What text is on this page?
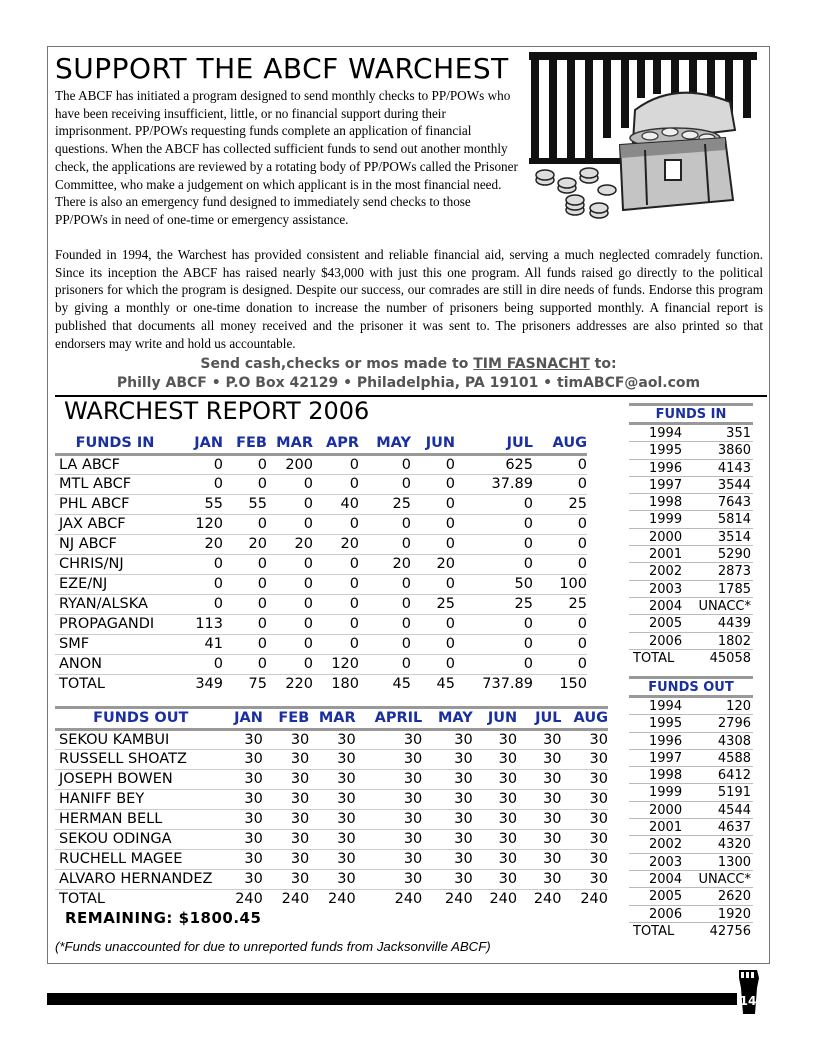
SUPPORT THE ABCF WARCHEST
The ABCF has initiated a program designed to send monthly checks to PP/POWs who have been receiving insufficient, little, or no financial support during their imprisonment. PP/POWs requesting funds complete an application of financial questions. When the ABCF has collected sufficient funds to send out another monthly check, the applications are reviewed by a rotating body of PP/POWs called the Prisoner Committee, who make a judgement on which applicant is in the most financial need. There is also an emergency fund designed to immediately send checks to those PP/POWs in need of one-time or emergency assistance.
Founded in 1994, the Warchest has provided consistent and reliable financial aid, serving a much neglected comradely function. Since its inception the ABCF has raised nearly $43,000 with just this one program. All funds raised go directly to the political prisoners for which the program is designed. Despite our success, our comrades are still in dire needs of funds. Endorse this program by giving a monthly or one-time donation to increase the number of prisoners being supported monthly. A financial report is published that documents all money received and the prisoner it was sent to. The prisoners addresses are also printed so that endorsers may write and hold us accountable.
Send cash,checks or mos made to TIM FASNACHT to:
Philly ABCF • P.O Box 42129 • Philadelphia, PA 19101 • timABCF@aol.com
WARCHEST REPORT 2006
FUNDS IN	JAN	FEB	MAR	APR	MAY	JUN	JUL	AUG
LA ABCF	0	0	200	0	0	0	625	0
MTL ABCF	0	0	0	0	0	0	37.89	0
PHL ABCF	55	55	0	40	25	0	0	25
JAX ABCF	120	0	0	0	0	0	0	0
NJ ABCF	20	20	20	20	0	0	0	0
CHRIS/NJ	0	0	0	0	20	20	0	0
EZE/NJ	0	0	0	0	0	0	50	100
RYAN/ALSKA	0	0	0	0	0	25	25	25
PROPAGANDI	113	0	0	0	0	0	0	0
SMF	41	0	0	0	0	0	0	0
ANON	0	0	0	120	0	0	0	0
TOTAL	349	75	220	180	45	45	737.89	150

FUNDS OUT	JAN	FEB	MAR	APRIL	MAY	JUN	JUL	AUG
SEKOU KAMBUI	30	30	30	30	30	30	30	30
RUSSELL SHOATZ	30	30	30	30	30	30	30	30
JOSEPH BOWEN	30	30	30	30	30	30	30	30
HANIFF BEY	30	30	30	30	30	30	30	30
HERMAN BELL	30	30	30	30	30	30	30	30
SEKOU ODINGA	30	30	30	30	30	30	30	30
RUCHELL MAGEE	30	30	30	30	30	30	30	30
ALVARO HERNANDEZ	30	30	30	30	30	30	30	30
TOTAL	240	240	240	240	240	240	240	240
REMAINING: $1800.45
(*Funds unaccounted for due to unreported funds from Jacksonville ABCF)
FUNDS IN
1994	351
1995	3860
1996	4143
1997	3544
1998	7643
1999	5814
2000	3514
2001	5290
2002	2873
2003	1785
2004 UNACC*
2005	4439
2006	1802
TOTAL	45058
FUNDS OUT
1994	120
1995	2796
1996	4308
1997	4588
1998	6412
1999	5191
2000	4544
2001	4637
2002	4320
2003	1300
2004 UNACC*
2005	2620
2006	1920
TOTAL	42756
14
